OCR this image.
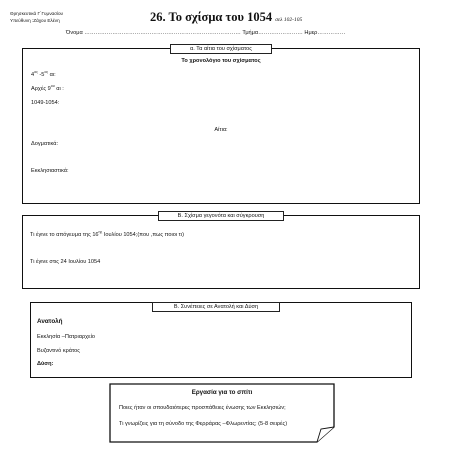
Θρησκευτικά Γ΄Γυμνασίου
Υπεύθυνη :Ζάχου Ελένη	26. Το σχίσμα του 1054 σελ 102-105
Όνομα ………………………………………………………………………… Τμήμα…………………… Ημερ……………
α. Τα αίτια του σχίσματος
Το χρονολόγιο του σχίσματος
$4^{o\varsigma}$ $-5^{o\varsigma}$ αι:
Αρχές $9^{o\upsilon}$ αι :
1049-1054:
Αίτια:
Δογματικά:
Εκκλησιαστικά:
Β. Σχίσμα γεγονότα και σύγκρουση
Τι έγινε το απόγευμα της $16^{\eta\varsigma}$ Ιουλίου 1054;(που ,πως ποιοι τι)
Τι έγινε στις 24 Ιουλίου 1054
Β. Συνέπειες σε Ανατολή και Δύση
Ανατολή
Εκκλησία –Πατριαρχείο
Βυζαντινό κράτος
Δύση:
Εργασία για το σπίτι
Ποιες ήταν οι σπουδαιότερες προσπάθειες ένωσης των Εκκλησιών;
Τι γνωρίζεις για τη σύνοδο της Φερράρας –Φλωρεντίας; (5-8 σειρές)
